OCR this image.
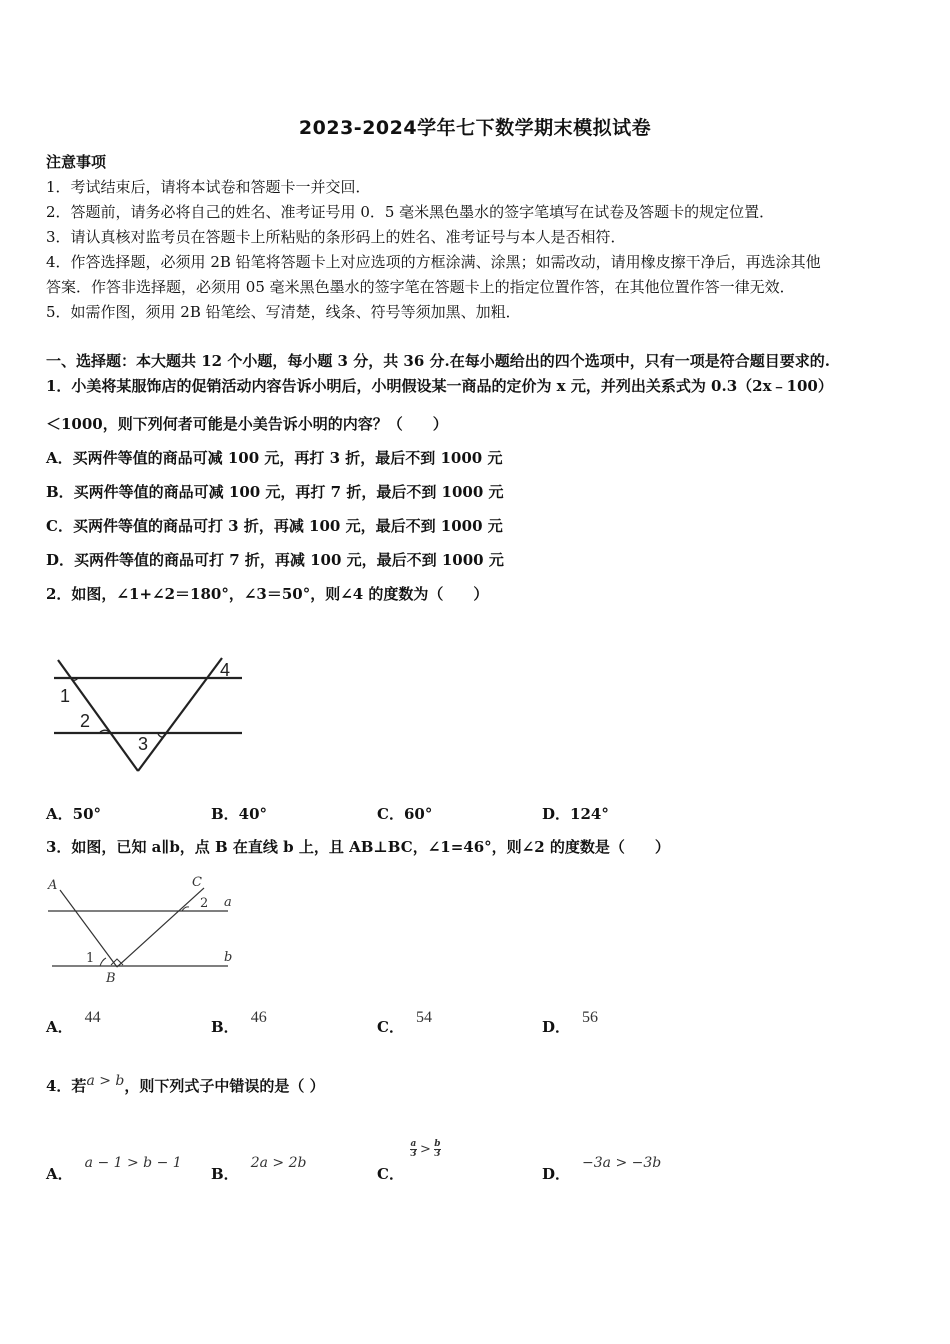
2023-2024学年七下数学期末模拟试卷
注意事项
1．考试结束后，请将本试卷和答题卡一并交回．
2．答题前，请务必将自己的姓名、准考证号用 0．5 毫米黑色墨水的签字笔填写在试卷及答题卡的规定位置．
3．请认真核对监考员在答题卡上所粘贴的条形码上的姓名、准考证号与本人是否相符．
4．作答选择题，必须用 2B 铅笔将答题卡上对应选项的方框涂满、涂黑；如需改动，请用橡皮擦干净后，再选涂其他
答案．作答非选择题，必须用 05 毫米黑色墨水的签字笔在答题卡上的指定位置作答，在其他位置作答一律无效．
5．如需作图，须用 2B 铅笔绘、写清楚，线条、符号等须加黑、加粗．
一、选择题：本大题共 12 个小题，每小题 3 分，共 36 分.在每小题给出的四个选项中，只有一项是符合题目要求的.
1．小美将某服饰店的促销活动内容告诉小明后，小明假设某一商品的定价为 x 元，并列出关系式为 0.3（2x﹣100）
＜1000，则下列何者可能是小美告诉小明的内容？（　　）
A．买两件等值的商品可减 100 元，再打 3 折，最后不到 1000 元
B．买两件等值的商品可减 100 元，再打 7 折，最后不到 1000 元
C．买两件等值的商品可打 3 折，再减 100 元，最后不到 1000 元
D．买两件等值的商品可打 7 折，再减 100 元，最后不到 1000 元
2．如图，∠1+∠2＝180°，∠3＝50°，则∠4 的度数为（　　）
1
2
3
4
A．50°	B．40°	C．60°	D．124°
3．如图，已知 a∥b，点 B 在直线 b 上，且 AB⊥BC，∠1=46°，则∠2 的度数是（　　）
A	C
2 a
1
B
b
A．44
B．46
C．54
D．56
4．若a > b，则下列式子中错误的是（ ）
A．a − 1 > b − 1
B．2a > 2b
C．
$\frac{a}{3} > \frac{b}{3}$
D．−3a > −3b
